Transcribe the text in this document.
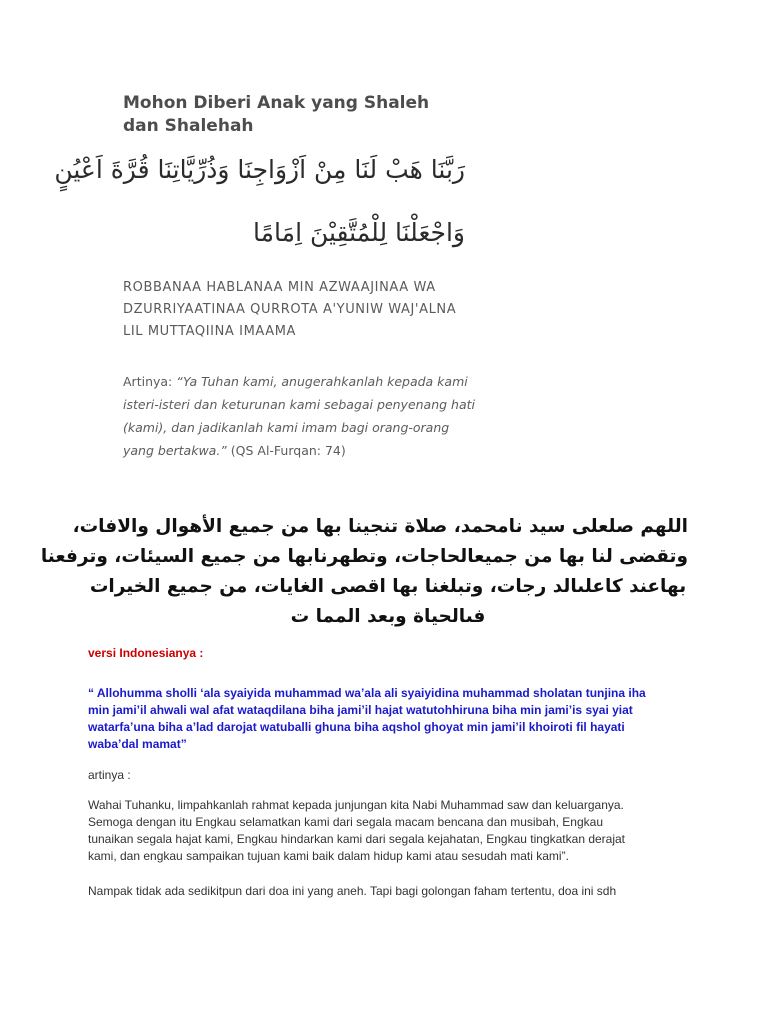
Mohon Diberi Anak yang Shaleh
dan Shalehah
رَبَّنَا هَبْ لَنَا مِنْ اَزْوَاجِنَا وَذُرِّيَّاتِنَا قُرَّةَ اَعْيُنٍ
وَاجْعَلْنَا لِلْمُتَّقِيْنَ اِمَامًا
ROBBANAA HABLANAA MIN AZWAAJINAA WA
DZURRIYAATINAA QURROTA A'YUNIW WAJ'ALNA
LIL MUTTAQIINA IMAAMA
Artinya: “Ya Tuhan kami, anugerahkanlah kepada kami
isteri-isteri dan keturunan kami sebagai penyenang hati
(kami), dan jadikanlah kami imam bagi orang-orang
yang bertakwa.” (QS Al-Furqan: 74)
اللهم صلعلى سيد نامحمد، صلاة تنجينا بها من جميع الأهوال والافات،
وتقضى لنا بها من جميعالحاجات، وتطهرنابها من جميع السيئات، وترفعنا
بهاعند كاعلىالد رجات، وتبلغنا بها اقصى الغايات، من جميع الخيرات
فىالحياة وبعد المما ت
versi Indonesianya :
“ Allohumma sholli ‘ala syaiyida muhammad wa’ala ali syaiyidina muhammad sholatan tunjina iha
min jami’il ahwali wal afat wataqdilana biha jami’il hajat watutohhiruna biha min jami’is syai yiat
watarfa’una biha a’lad darojat watuballi ghuna biha aqshol ghoyat min jami’il khoiroti fil hayati
waba’dal mamat”
artinya :
Wahai Tuhanku, limpahkanlah rahmat kepada junjungan kita Nabi Muhammad saw dan keluarganya.
Semoga dengan itu Engkau selamatkan kami dari segala macam bencana dan musibah, Engkau
tunaikan segala hajat kami, Engkau hindarkan kami dari segala kejahatan, Engkau tingkatkan derajat
kami, dan engkau sampaikan tujuan kami baik dalam hidup kami atau sesudah mati kami”.
Nampak tidak ada sedikitpun dari doa ini yang aneh. Tapi bagi golongan faham tertentu, doa ini sdh
